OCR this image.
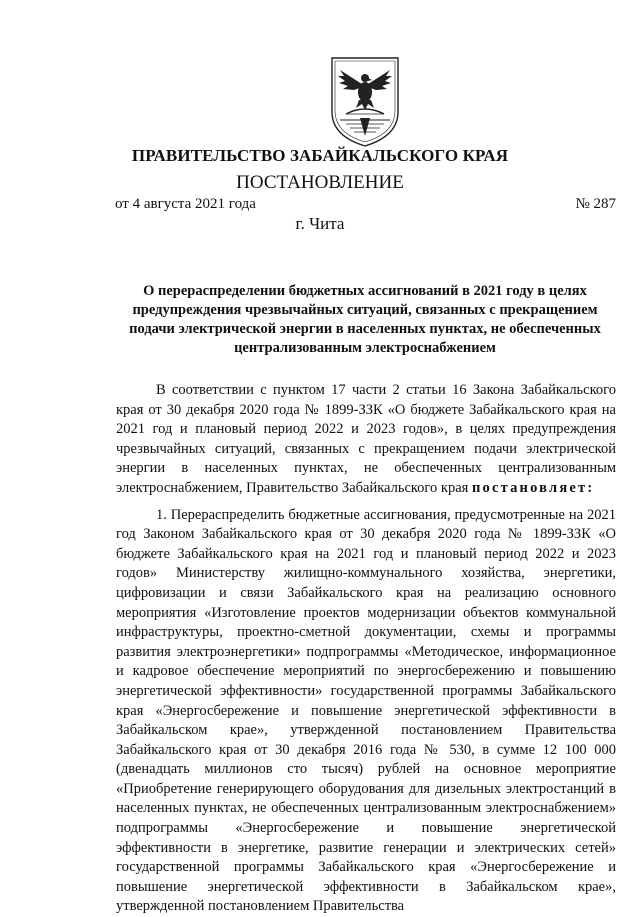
ПРАВИТЕЛЬСТВО ЗАБАЙКАЛЬСКОГО КРАЯ
ПОСТАНОВЛЕНИЕ
от 4 августа 2021 года	№ 287
г. Чита
О перераспределении бюджетных ассигнований в 2021 году в целях предупреждения чрезвычайных ситуаций, связанных с прекращением подачи электрической энергии в населенных пунктах, не обеспеченных централизованным электроснабжением

В соответствии с пунктом 17 части 2 статьи 16 Закона Забайкальского края от 30 декабря 2020 года № 1899-ЗЗК «О бюджете Забайкальского края на 2021 год и плановый период 2022 и 2023 годов», в целях предупреждения чрезвычайных ситуаций, связанных с прекращением подачи электрической энергии в населенных пунктах, не обеспеченных централизованным электроснабжением, Правительство Забайкальского края постановляет:

1. Перераспределить бюджетные ассигнования, предусмотренные на 2021 год Законом Забайкальского края от 30 декабря 2020 года № 1899-ЗЗК «О бюджете Забайкальского края на 2021 год и плановый период 2022 и 2023 годов» Министерству жилищно-коммунального хозяйства, энергетики, цифровизации и связи Забайкальского края на реализацию основного мероприятия «Изготовление проектов модернизации объектов коммунальной инфраструктуры, проектно-сметной документации, схемы и программы развития электроэнергетики» подпрограммы «Методическое, информационное и кадровое обеспечение мероприятий по энергосбережению и повышению энергетической эффективности» государственной программы Забайкальского края «Энергосбережение и повышение энергетической эффективности в Забайкальском крае», утвержденной постановлением Правительства Забайкальского края от 30 декабря 2016 года № 530, в сумме 12 100 000 (двенадцать миллионов сто тысяч) рублей на основное мероприятие «Приобретение генерирующего оборудования для дизельных электростанций в населенных пунктах, не обеспеченных централизованным электроснабжением» подпрограммы «Энергосбережение и повышение энергетической эффективности в энергетике, развитие генерации и электрических сетей» государственной программы Забайкальского края «Энергосбережение и повышение энергетической эффективности в Забайкальском крае», утвержденной постановлением Правительства
